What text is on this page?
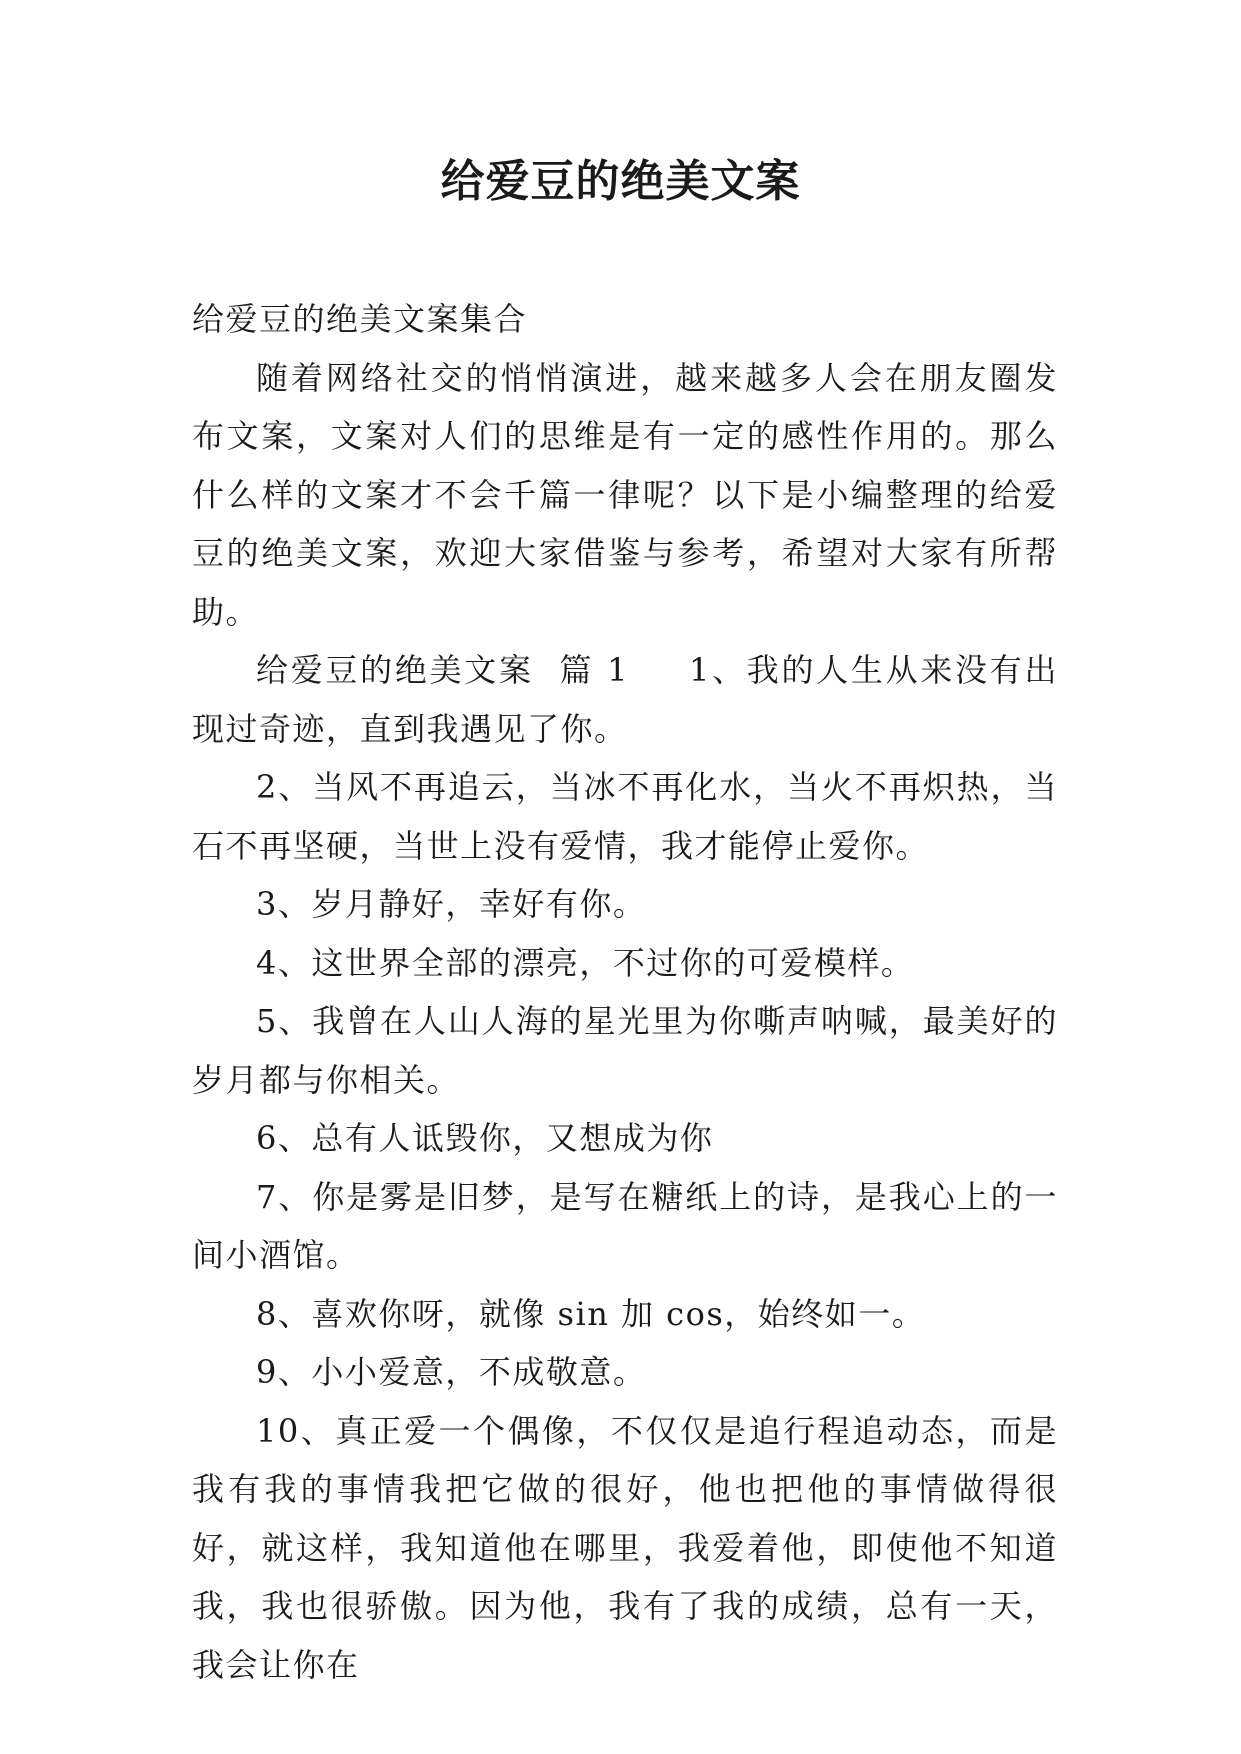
给爱豆的绝美文案

给爱豆的绝美文案集合

随着网络社交的悄悄演进，越来越多人会在朋友圈发布文案，文案对人们的思维是有一定的感性作用的。那么什么样的文案才不会千篇一律呢？以下是小编整理的给爱豆的绝美文案，欢迎大家借鉴与参考，希望对大家有所帮助。

给爱豆的绝美文案  篇 1 1、我的人生从来没有出现过奇迹，直到我遇见了你。

2、当风不再追云，当冰不再化水，当火不再炽热，当石不再坚硬，当世上没有爱情，我才能停止爱你。

3、岁月静好，幸好有你。

4、这世界全部的漂亮，不过你的可爱模样。

5、我曾在人山人海的星光里为你嘶声呐喊，最美好的岁月都与你相关。

6、总有人诋毁你，又想成为你

7、你是雾是旧梦，是写在糖纸上的诗，是我心上的一间小酒馆。

8、喜欢你呀，就像 sin 加 cos，始终如一。

9、小小爱意，不成敬意。

10、真正爱一个偶像，不仅仅是追行程追动态，而是我有我的事情我把它做的很好，他也把他的事情做得很好，就这样，我知道他在哪里，我爱着他，即使他不知道我，我也很骄傲。因为他，我有了我的成绩，总有一天，我会让你在
